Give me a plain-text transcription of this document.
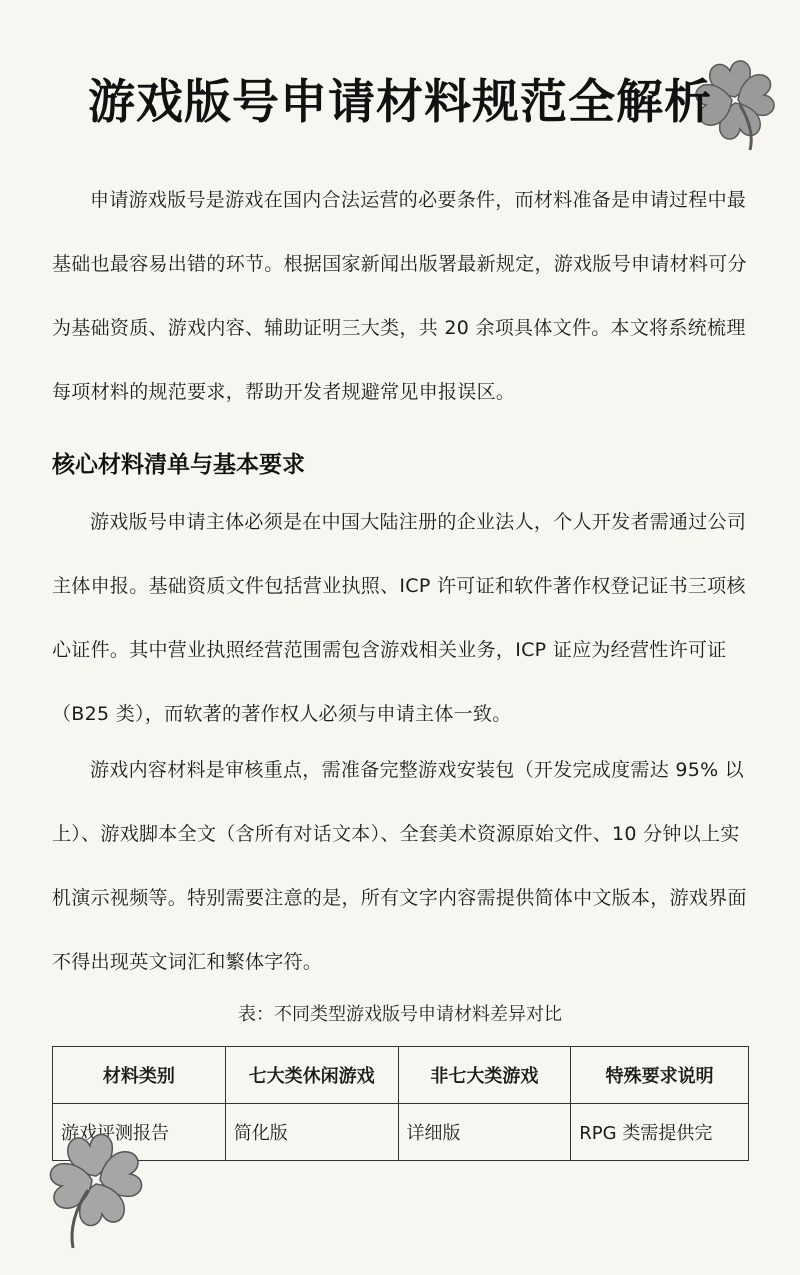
游戏版号申请材料规范全解析
申请游戏版号是游戏在国内合法运营的必要条件，而材料准备是申请过程中最基础也最容易出错的环节。根据国家新闻出版署最新规定，游戏版号申请材料可分为基础资质、游戏内容、辅助证明三大类，共 20 余项具体文件。本文将系统梳理每项材料的规范要求，帮助开发者规避常见申报误区。
核心材料清单与基本要求
游戏版号申请主体必须是在中国大陆注册的企业法人，个人开发者需通过公司主体申报。基础资质文件包括营业执照、ICP 许可证和软件著作权登记证书三项核心证件。其中营业执照经营范围需包含游戏相关业务，ICP 证应为经营性许可证（B25 类），而软著的著作权人必须与申请主体一致。
游戏内容材料是审核重点，需准备完整游戏安装包（开发完成度需达 95% 以上）、游戏脚本全文（含所有对话文本）、全套美术资源原始文件、10 分钟以上实机演示视频等。特别需要注意的是，所有文字内容需提供简体中文版本，游戏界面不得出现英文词汇和繁体字符。
表：不同类型游戏版号申请材料差异对比
材料类别	七大类休闲游戏	非七大类游戏	特殊要求说明
游戏评测报告	简化版	详细版	RPG 类需提供完
